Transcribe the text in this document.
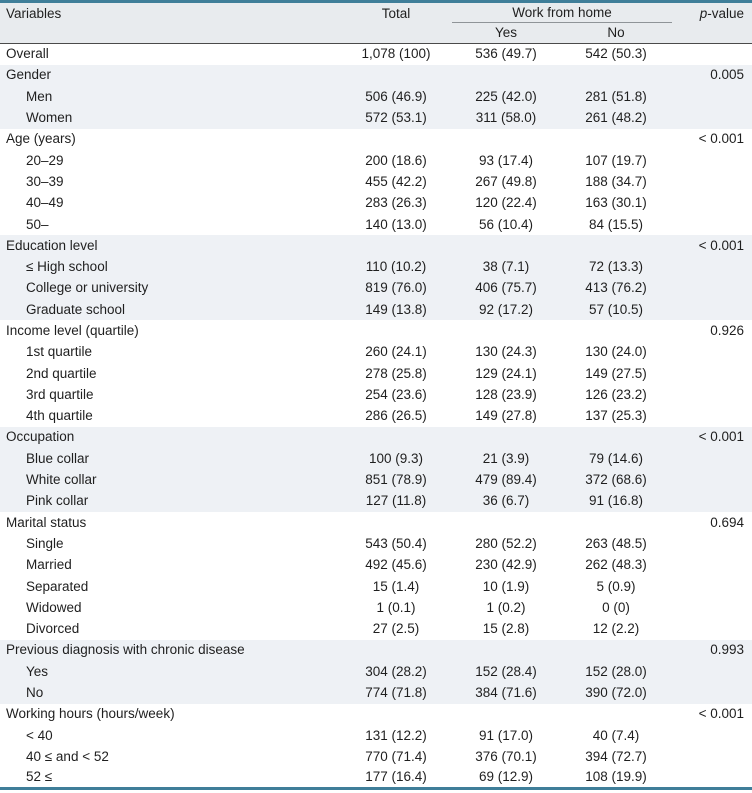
Variables	Total	Work from home		p-value
		Yes	No	
Overall	1,078 (100)	536 (49.7)	542 (50.3)	
Gender				0.005
Men	506 (46.9)	225 (42.0)	281 (51.8)	
Women	572 (53.1)	311 (58.0)	261 (48.2)	
Age (years)				< 0.001
20–29	200 (18.6)	93 (17.4)	107 (19.7)	
30–39	455 (42.2)	267 (49.8)	188 (34.7)	
40–49	283 (26.3)	120 (22.4)	163 (30.1)	
50–	140 (13.0)	56 (10.4)	84 (15.5)	
Education level				< 0.001
≤ High school	110 (10.2)	38 (7.1)	72 (13.3)	
College or university	819 (76.0)	406 (75.7)	413 (76.2)	
Graduate school	149 (13.8)	92 (17.2)	57 (10.5)	
Income level (quartile)				0.926
1st quartile	260 (24.1)	130 (24.3)	130 (24.0)	
2nd quartile	278 (25.8)	129 (24.1)	149 (27.5)	
3rd quartile	254 (23.6)	128 (23.9)	126 (23.2)	
4th quartile	286 (26.5)	149 (27.8)	137 (25.3)	
Occupation				< 0.001
Blue collar	100 (9.3)	21 (3.9)	79 (14.6)	
White collar	851 (78.9)	479 (89.4)	372 (68.6)	
Pink collar	127 (11.8)	36 (6.7)	91 (16.8)	
Marital status				0.694
Single	543 (50.4)	280 (52.2)	263 (48.5)	
Married	492 (45.6)	230 (42.9)	262 (48.3)	
Separated	15 (1.4)	10 (1.9)	5 (0.9)	
Widowed	1 (0.1)	1 (0.2)	0 (0)	
Divorced	27 (2.5)	15 (2.8)	12 (2.2)	
Previous diagnosis with chronic disease				0.993
Yes	304 (28.2)	152 (28.4)	152 (28.0)	
No	774 (71.8)	384 (71.6)	390 (72.0)	
Working hours (hours/week)				< 0.001
< 40	131 (12.2)	91 (17.0)	40 (7.4)	
40 ≤ and < 52	770 (71.4)	376 (70.1)	394 (72.7)	
52 ≤	177 (16.4)	69 (12.9)	108 (19.9)	
